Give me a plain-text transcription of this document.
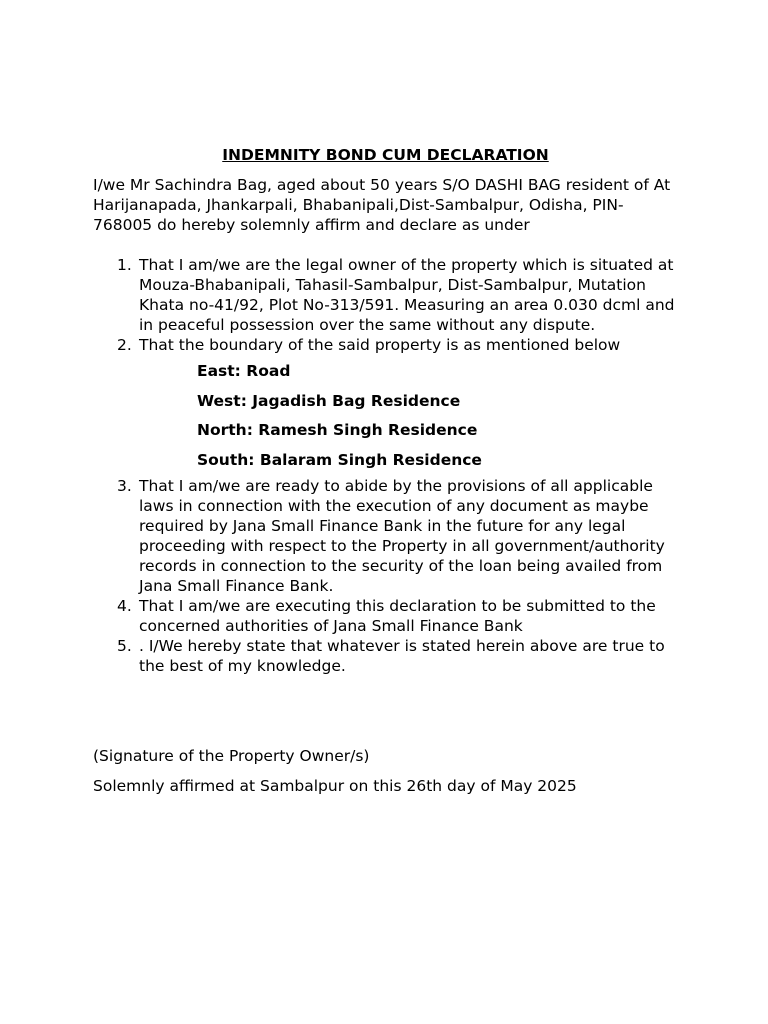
INDEMNITY BOND CUM DECLARATION
I/we Mr Sachindra Bag, aged about 50 years S/O DASHI BAG resident of At
Harijanapada, Jhankarpali, Bhabanipali,Dist-Sambalpur, Odisha, PIN-768005 do hereby solemnly affirm and declare as under
1. That I am/we are the legal owner of the property which is situated at Mouza-Bhabanipali, Tahasil-Sambalpur, Dist-Sambalpur, Mutation Khata no-41/92, Plot No-313/591. Measuring an area 0.030 dcml and in peaceful possession over the same without any dispute.
2. That the boundary of the said property is as mentioned below
East: Road
West: Jagadish Bag Residence
North: Ramesh Singh Residence
South: Balaram Singh Residence
3. That I am/we are ready to abide by the provisions of all applicable laws in connection with the execution of any document as maybe required by Jana Small Finance Bank in the future for any legal proceeding with respect to the Property in all government/authority records in connection to the security of the loan being availed from Jana Small Finance Bank.
4. That I am/we are executing this declaration to be submitted to the concerned authorities of Jana Small Finance Bank
5. . I/We hereby state that whatever is stated herein above are true to the best of my knowledge.
(Signature of the Property Owner/s)
Solemnly affirmed at Sambalpur on this 26th day of May 2025
